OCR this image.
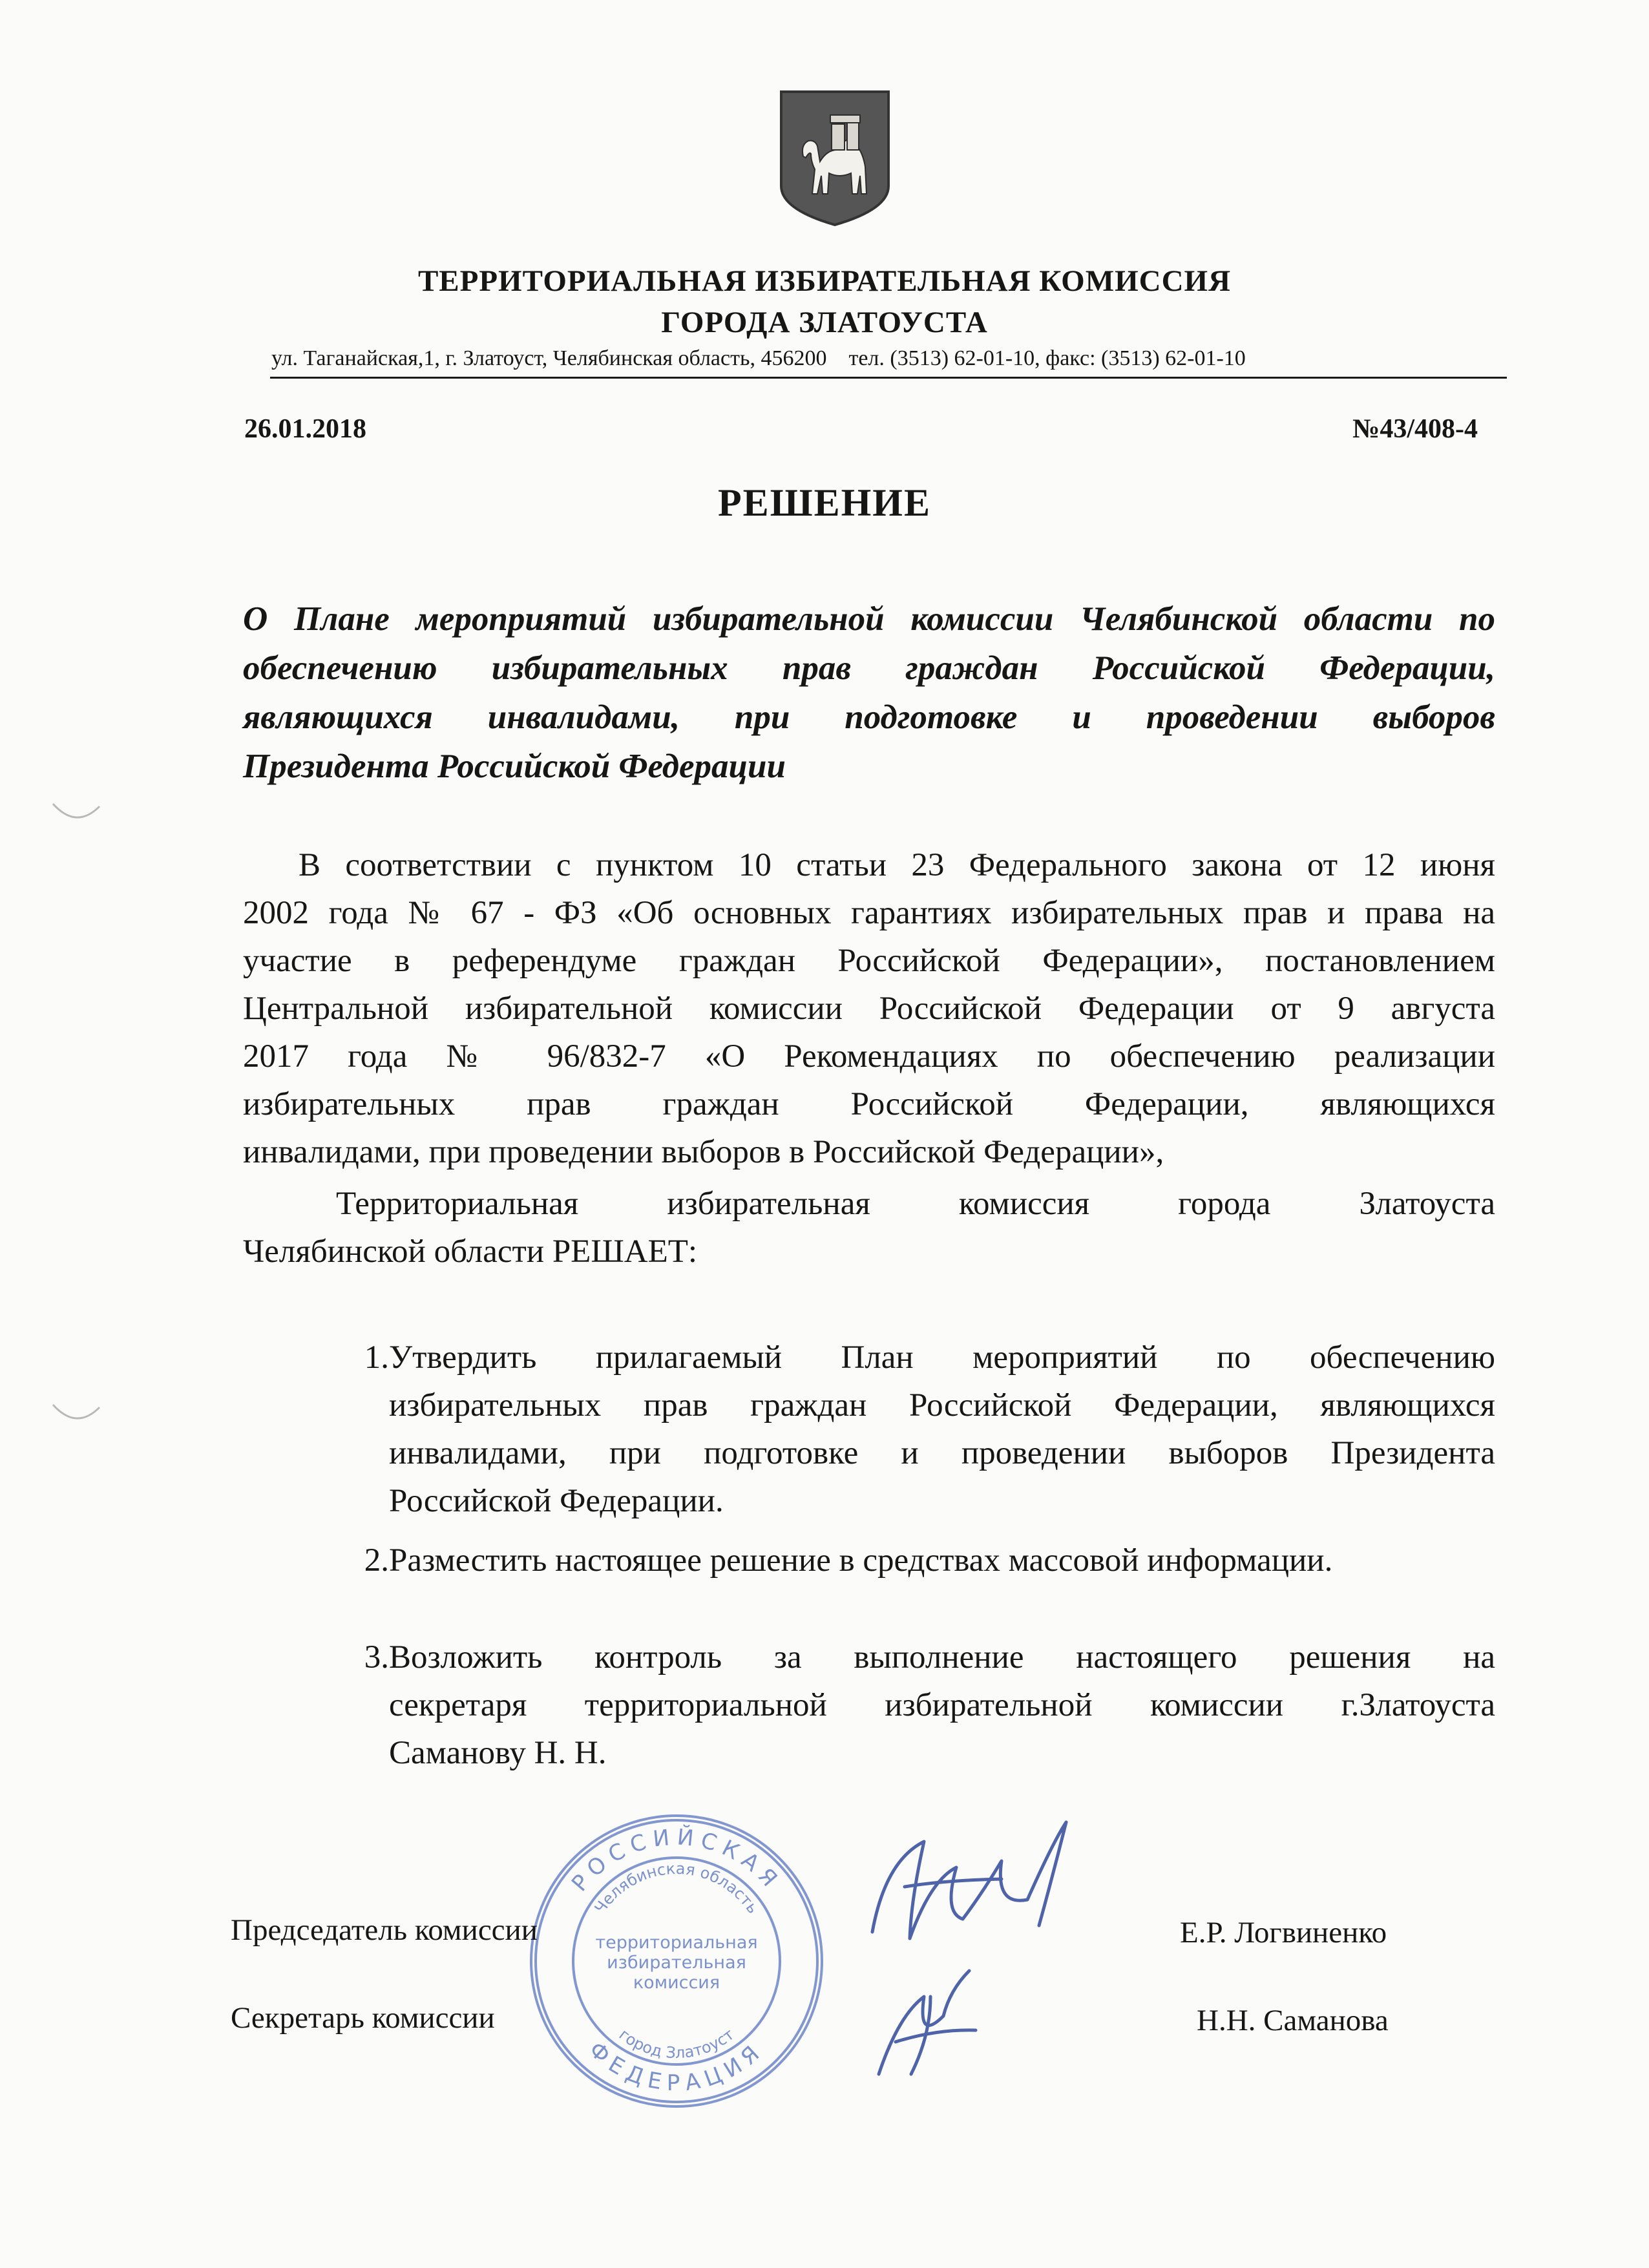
ТЕРРИТОРИАЛЬНАЯ ИЗБИРАТЕЛЬНАЯ КОМИССИЯ
ГОРОДА ЗЛАТОУСТА
ул. Таганайская,1, г. Златоуст, Челябинская область, 456200    тел. (3513) 62-01-10, факс: (3513) 62-01-10
26.01.2018	№43/408-4
РЕШЕНИЕ
О Плане мероприятий избирательной комиссии Челябинской области по
обеспечению избирательных прав граждан Российской Федерации,
являющихся инвалидами, при подготовке и проведении выборов
Президента Российской Федерации
В соответствии с пунктом 10 статьи 23 Федерального закона от 12 июня
2002 года № 67 - ФЗ «Об основных гарантиях избирательных прав и права на
участие в референдуме граждан Российской Федерации», постановлением
Центральной избирательной комиссии Российской Федерации от 9 августа
2017 года № 96/832-7 «О Рекомендациях по обеспечению реализации
избирательных прав граждан Российской Федерации, являющихся
инвалидами, при проведении выборов в Российской Федерации»,
Территориальная избирательная комиссия города Златоуста
Челябинской области РЕШАЕТ:
1. Утвердить прилагаемый План мероприятий по обеспечению
избирательных прав граждан Российской Федерации, являющихся
инвалидами, при подготовке и проведении выборов Президента
Российской Федерации.
2. Разместить настоящее решение в средствах массовой информации.
3. Возложить контроль за выполнение настоящего решения на
секретаря территориальной избирательной комиссии г.Златоуста
Саманову Н. Н.
РОССИЙСКАЯ
ФЕДЕРАЦИЯ
Челябинская область
город Златоуст
территориальная
избирательная
комиссия
Председатель комиссии
Секретарь комиссии
Е.Р. Логвиненко
Н.Н. Саманова
